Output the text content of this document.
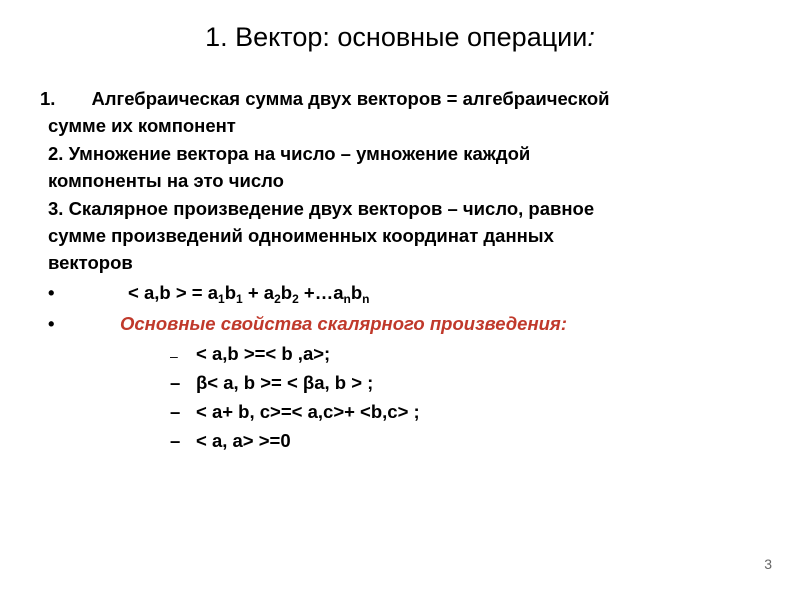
1. Вектор: основные операции:
1. Алгебраическая сумма двух векторов = алгебраической
сумме их компонент
2. Умножение вектора на число – умножение каждой
компоненты на это число
3. Скалярное произведение двух векторов – число, равное
сумме произведений одноименных координат данных
векторов
•	< a,b > = $a_1b_1 + a_2b_2$ $+\dots a_nb_n$
•	Основные свойства скалярного произведения:
– < a,b >=< b ,a>;
– β< a, b >= < βa, b > ;
– < a+ b, c>=< a,c>+ <b,c> ;
– < a, a> >=0
3
